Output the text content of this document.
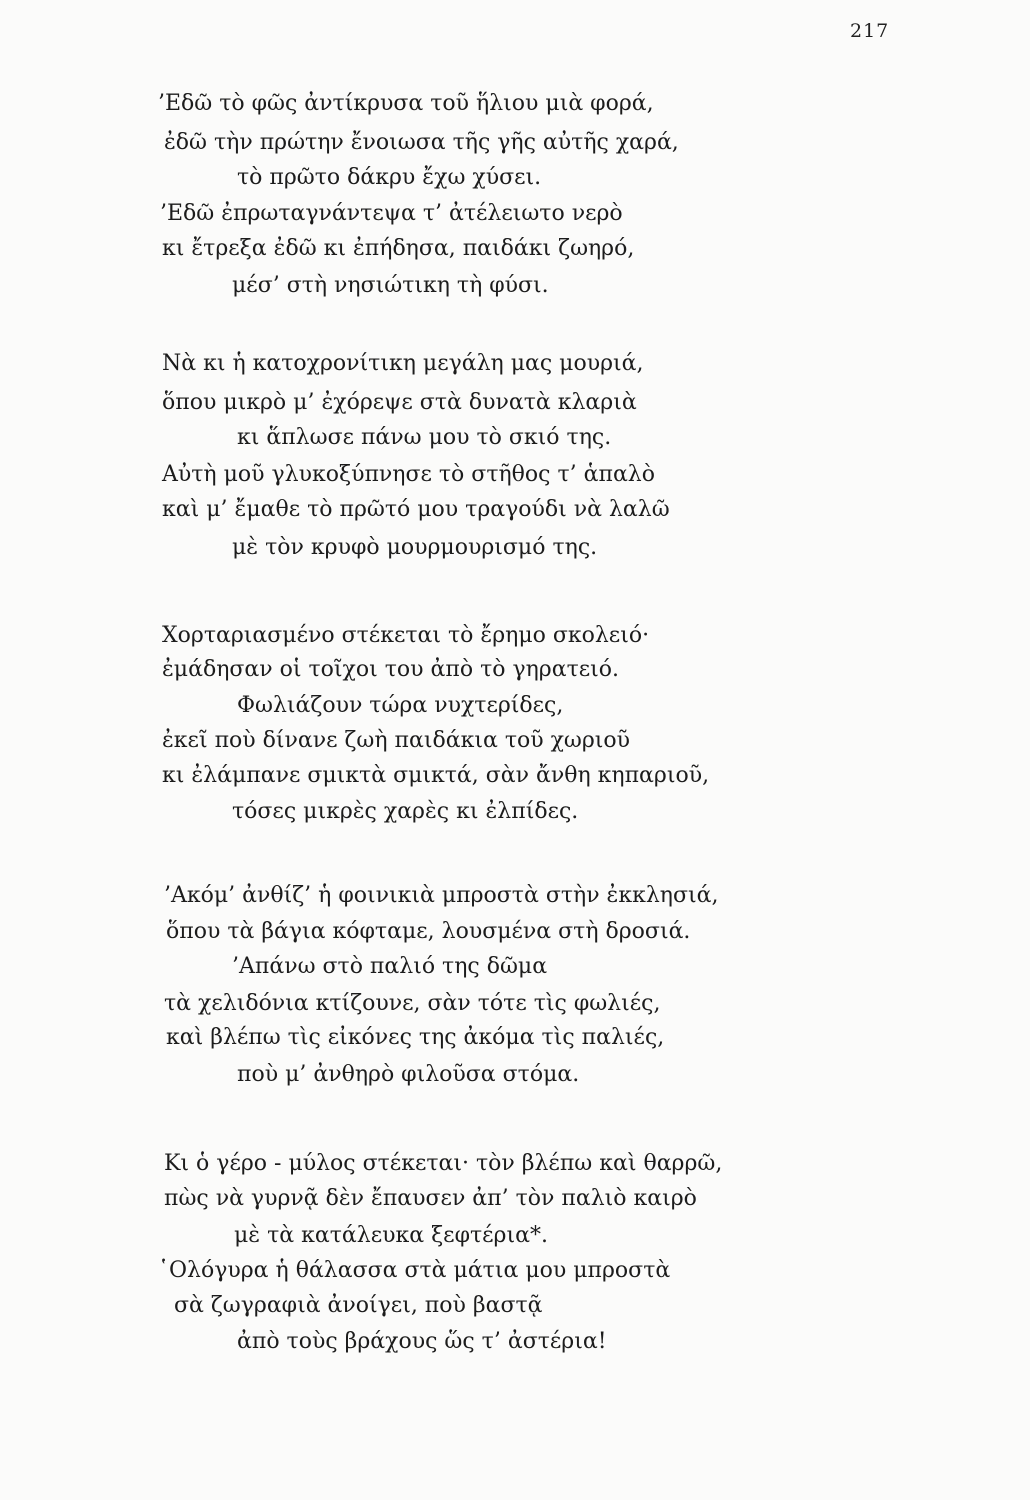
217
’Εδῶ τὸ φῶς ἀντίκρυσα τοῦ ἥλιου μιὰ φορά,
ἐδῶ τὴν πρώτην ἔνοιωσα τῆς γῆς αὐτῆς χαρά,
τὸ πρῶτο δάκρυ ἔχω χύσει.
’Εδῶ ἐπρωταγνάντεψα τ’ ἀτέλειωτο νερὸ
κι ἔτρεξα ἐδῶ κι ἐπήδησα, παιδάκι ζωηρό,
μέσ’ στὴ νησιώτικη τὴ φύσι.
Νὰ κι ἡ κατοχρονίτικη μεγάλη μας μουριά,
ὅπου μικρὸ μ’ ἐχόρεψε στὰ δυνατὰ κλαριὰ
κι ἅπλωσε πάνω μου τὸ σκιό της.
Αὐτὴ μοῦ γλυκοξύπνησε τὸ στῆθος τ’ ἁπαλὸ
καὶ μ’ ἔμαθε τὸ πρῶτό μου τραγούδι νὰ λαλῶ
μὲ τὸν κρυφὸ μουρμουρισμό της.
Χορταριασμένο στέκεται τὸ ἔρημο σκολειό·
ἐμάδησαν οἱ τοῖχοι του ἀπὸ τὸ γηρατειό.
Φωλιάζουν τώρα νυχτερίδες,
ἐκεῖ ποὺ δίνανε ζωὴ παιδάκια τοῦ χωριοῦ
κι ἐλάμπανε σμικτὰ σμικτά, σὰν ἄνθη κηπαριοῦ,
τόσες μικρὲς χαρὲς κι ἐλπίδες.
’Ακόμ’ ἀνθίζ’ ἡ φοινικιὰ μπροστὰ στὴν ἐκκλησιά,
ὅπου τὰ βάγια κόφταμε, λουσμένα στὴ δροσιά.
’Απάνω στὸ παλιό της δῶμα
τὰ χελιδόνια κτίζουνε, σὰν τότε τὶς φωλιές,
καὶ βλέπω τὶς εἰκόνες της ἀκόμα τὶς παλιές,
ποὺ μ’ ἀνθηρὸ φιλοῦσα στόμα.
Κι ὁ γέρο - μύλος στέκεται· τὸν βλέπω καὶ θαρρῶ,
πὼς νὰ γυρνᾷ δὲν ἔπαυσεν ἀπ’ τὸν παλιὸ καιρὸ
μὲ τὰ κατάλευκα ξεφτέρια*.
῾Ολόγυρα ἡ θάλασσα στὰ μάτια μου μπροστὰ
σὰ ζωγραφιὰ ἀνοίγει, ποὺ βαστᾷ
ἀπὸ τοὺς βράχους ὥς τ’ ἀστέρια!
